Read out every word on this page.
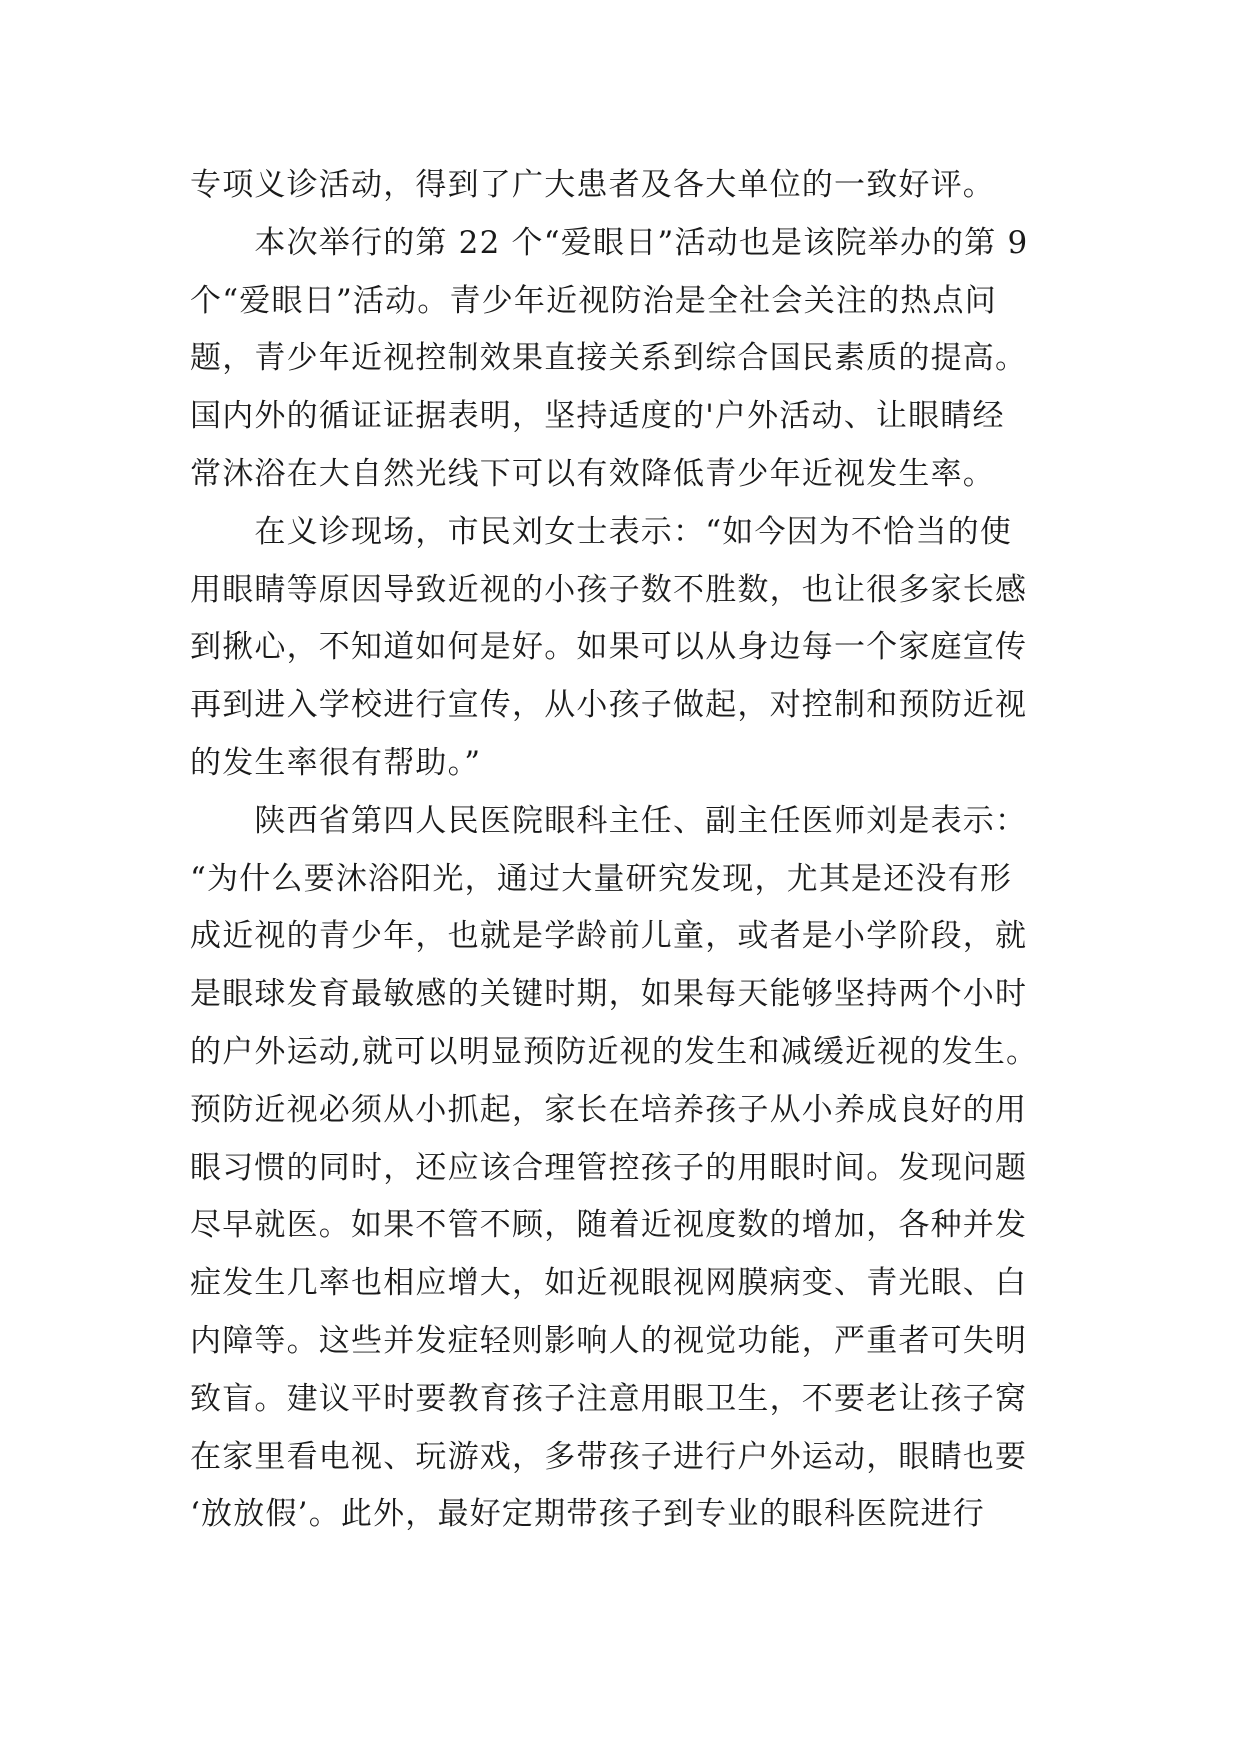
专项义诊活动，得到了广大患者及各大单位的一致好评。
　　本次举行的第 22 个“爱眼日”活动也是该院举办的第 9
个“爱眼日”活动。青少年近视防治是全社会关注的热点问
题，青少年近视控制效果直接关系到综合国民素质的提高。
国内外的循证证据表明，坚持适度的'户外活动、让眼睛经
常沐浴在大自然光线下可以有效降低青少年近视发生率。
　　在义诊现场，市民刘女士表示：“如今因为不恰当的使
用眼睛等原因导致近视的小孩子数不胜数，也让很多家长感
到揪心，不知道如何是好。如果可以从身边每一个家庭宣传
再到进入学校进行宣传，从小孩子做起，对控制和预防近视
的发生率很有帮助。”
　　陕西省第四人民医院眼科主任、副主任医师刘是表示：
“为什么要沐浴阳光，通过大量研究发现，尤其是还没有形
成近视的青少年，也就是学龄前儿童，或者是小学阶段，就
是眼球发育最敏感的关键时期，如果每天能够坚持两个小时
的户外运动,就可以明显预防近视的发生和减缓近视的发生。
预防近视必须从小抓起，家长在培养孩子从小养成良好的用
眼习惯的同时，还应该合理管控孩子的用眼时间。发现问题
尽早就医。如果不管不顾，随着近视度数的增加，各种并发
症发生几率也相应增大，如近视眼视网膜病变、青光眼、白
内障等。这些并发症轻则影响人的视觉功能，严重者可失明
致盲。建议平时要教育孩子注意用眼卫生，不要老让孩子窝
在家里看电视、玩游戏，多带孩子进行户外运动，眼睛也要
‘放放假’。此外，最好定期带孩子到专业的眼科医院进行
